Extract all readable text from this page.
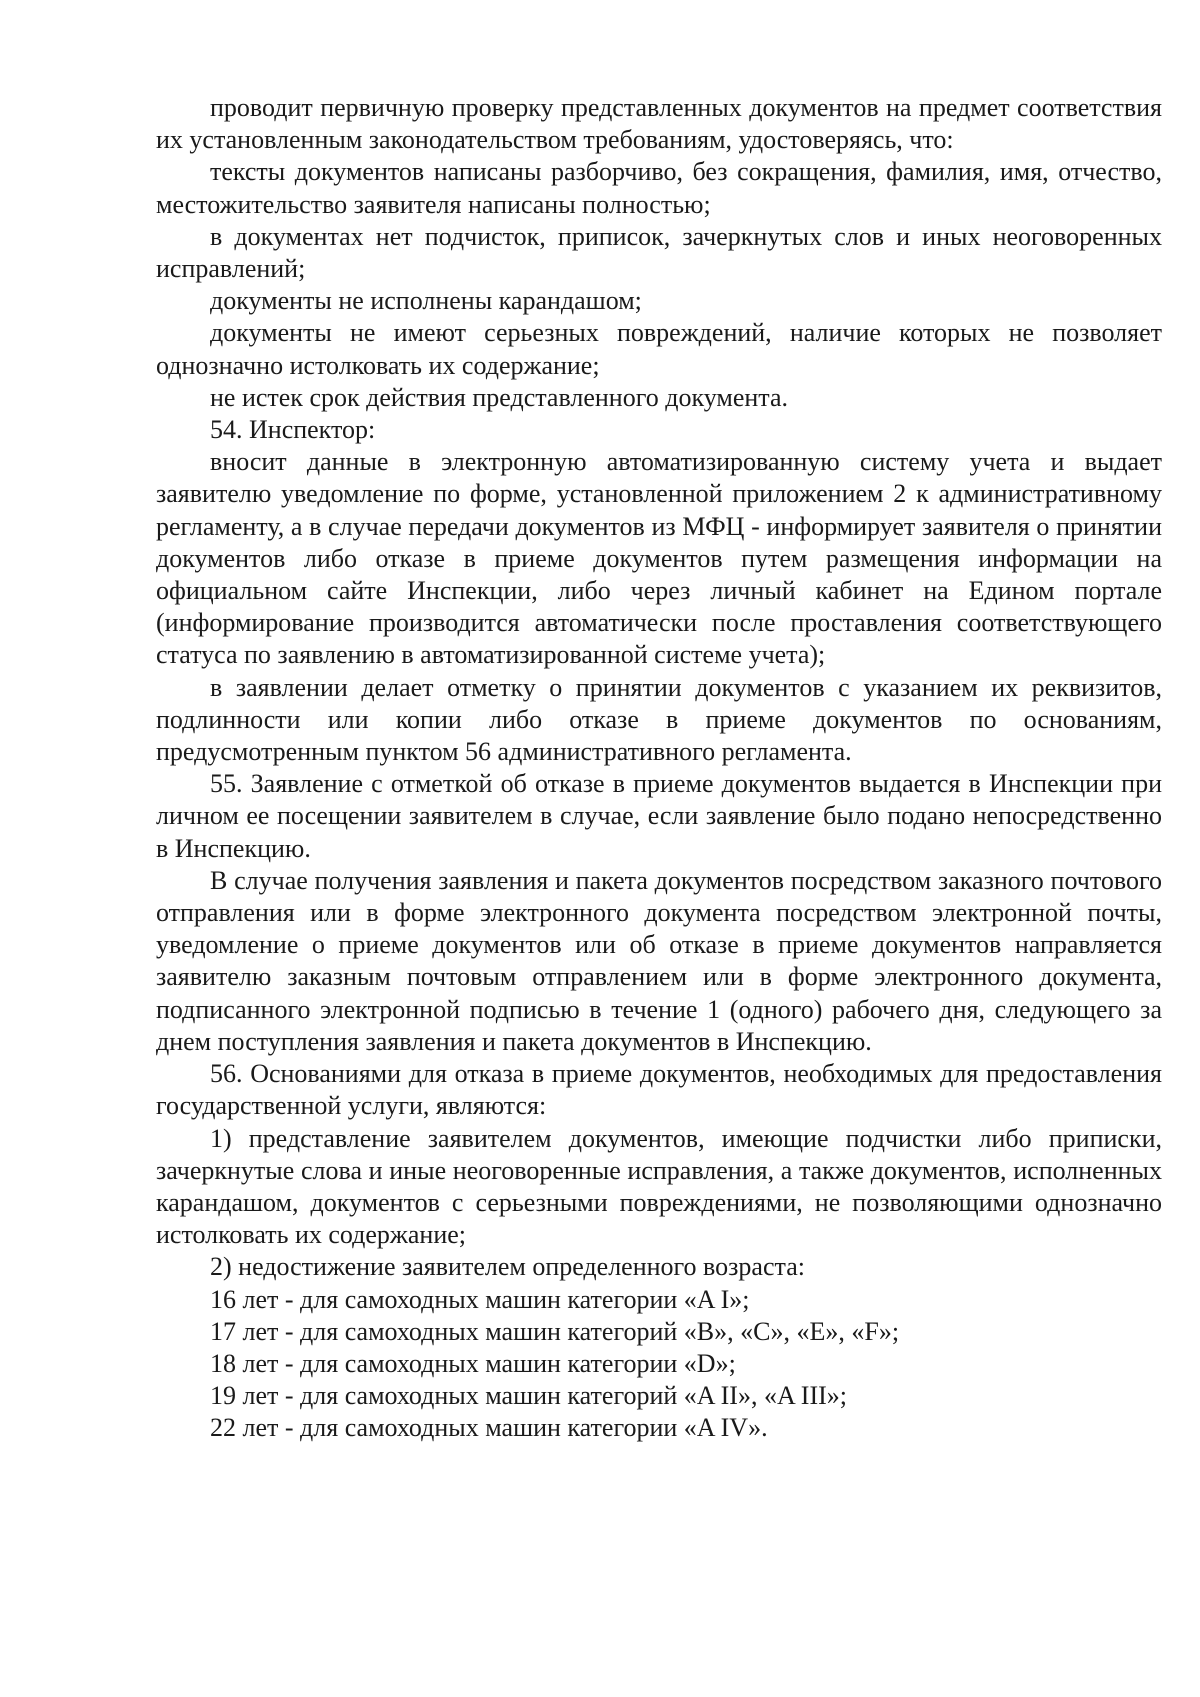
проводит первичную проверку представленных документов на предмет соответствия их установленным законодательством требованиям, удостоверяясь, что:

тексты документов написаны разборчиво, без сокращения, фамилия, имя, отчество, местожительство заявителя написаны полностью;

в документах нет подчисток, приписок, зачеркнутых слов и иных неоговоренных исправлений;

документы не исполнены карандашом;

документы не имеют серьезных повреждений, наличие которых не позволяет однозначно истолковать их содержание;

не истек срок действия представленного документа.

54. Инспектор:

вносит данные в электронную автоматизированную систему учета и выдает заявителю уведомление по форме, установленной приложением 2 к административному регламенту, а в случае передачи документов из МФЦ - информирует заявителя о принятии документов либо отказе в приеме документов путем размещения информации на официальном сайте Инспекции, либо через личный кабинет на Едином портале (информирование производится автоматически после проставления соответствующего статуса по заявлению в автоматизированной системе учета);

в заявлении делает отметку о принятии документов с указанием их реквизитов, подлинности или копии либо отказе в приеме документов по основаниям, предусмотренным пунктом 56 административного регламента.

55. Заявление с отметкой об отказе в приеме документов выдается в Инспекции при личном ее посещении заявителем в случае, если заявление было подано непосредственно в Инспекцию.

В случае получения заявления и пакета документов посредством заказного почтового отправления или в форме электронного документа посредством электронной почты, уведомление о приеме документов или об отказе в приеме документов направляется заявителю заказным почтовым отправлением или в форме электронного документа, подписанного электронной подписью в течение 1 (одного) рабочего дня, следующего за днем поступления заявления и пакета документов в Инспекцию.

56. Основаниями для отказа в приеме документов, необходимых для предоставления государственной услуги, являются:

1) представление заявителем документов, имеющие подчистки либо приписки, зачеркнутые слова и иные неоговоренные исправления, а также документов, исполненных карандашом, документов с серьезными повреждениями, не позволяющими однозначно истолковать их содержание;

2) недостижение заявителем определенного возраста:

16 лет - для самоходных машин категории «A I»;

17 лет - для самоходных машин категорий «B», «C», «E», «F»;

18 лет - для самоходных машин категории «D»;

19 лет - для самоходных машин категорий «A II», «A III»;

22 лет - для самоходных машин категории «A IV».
